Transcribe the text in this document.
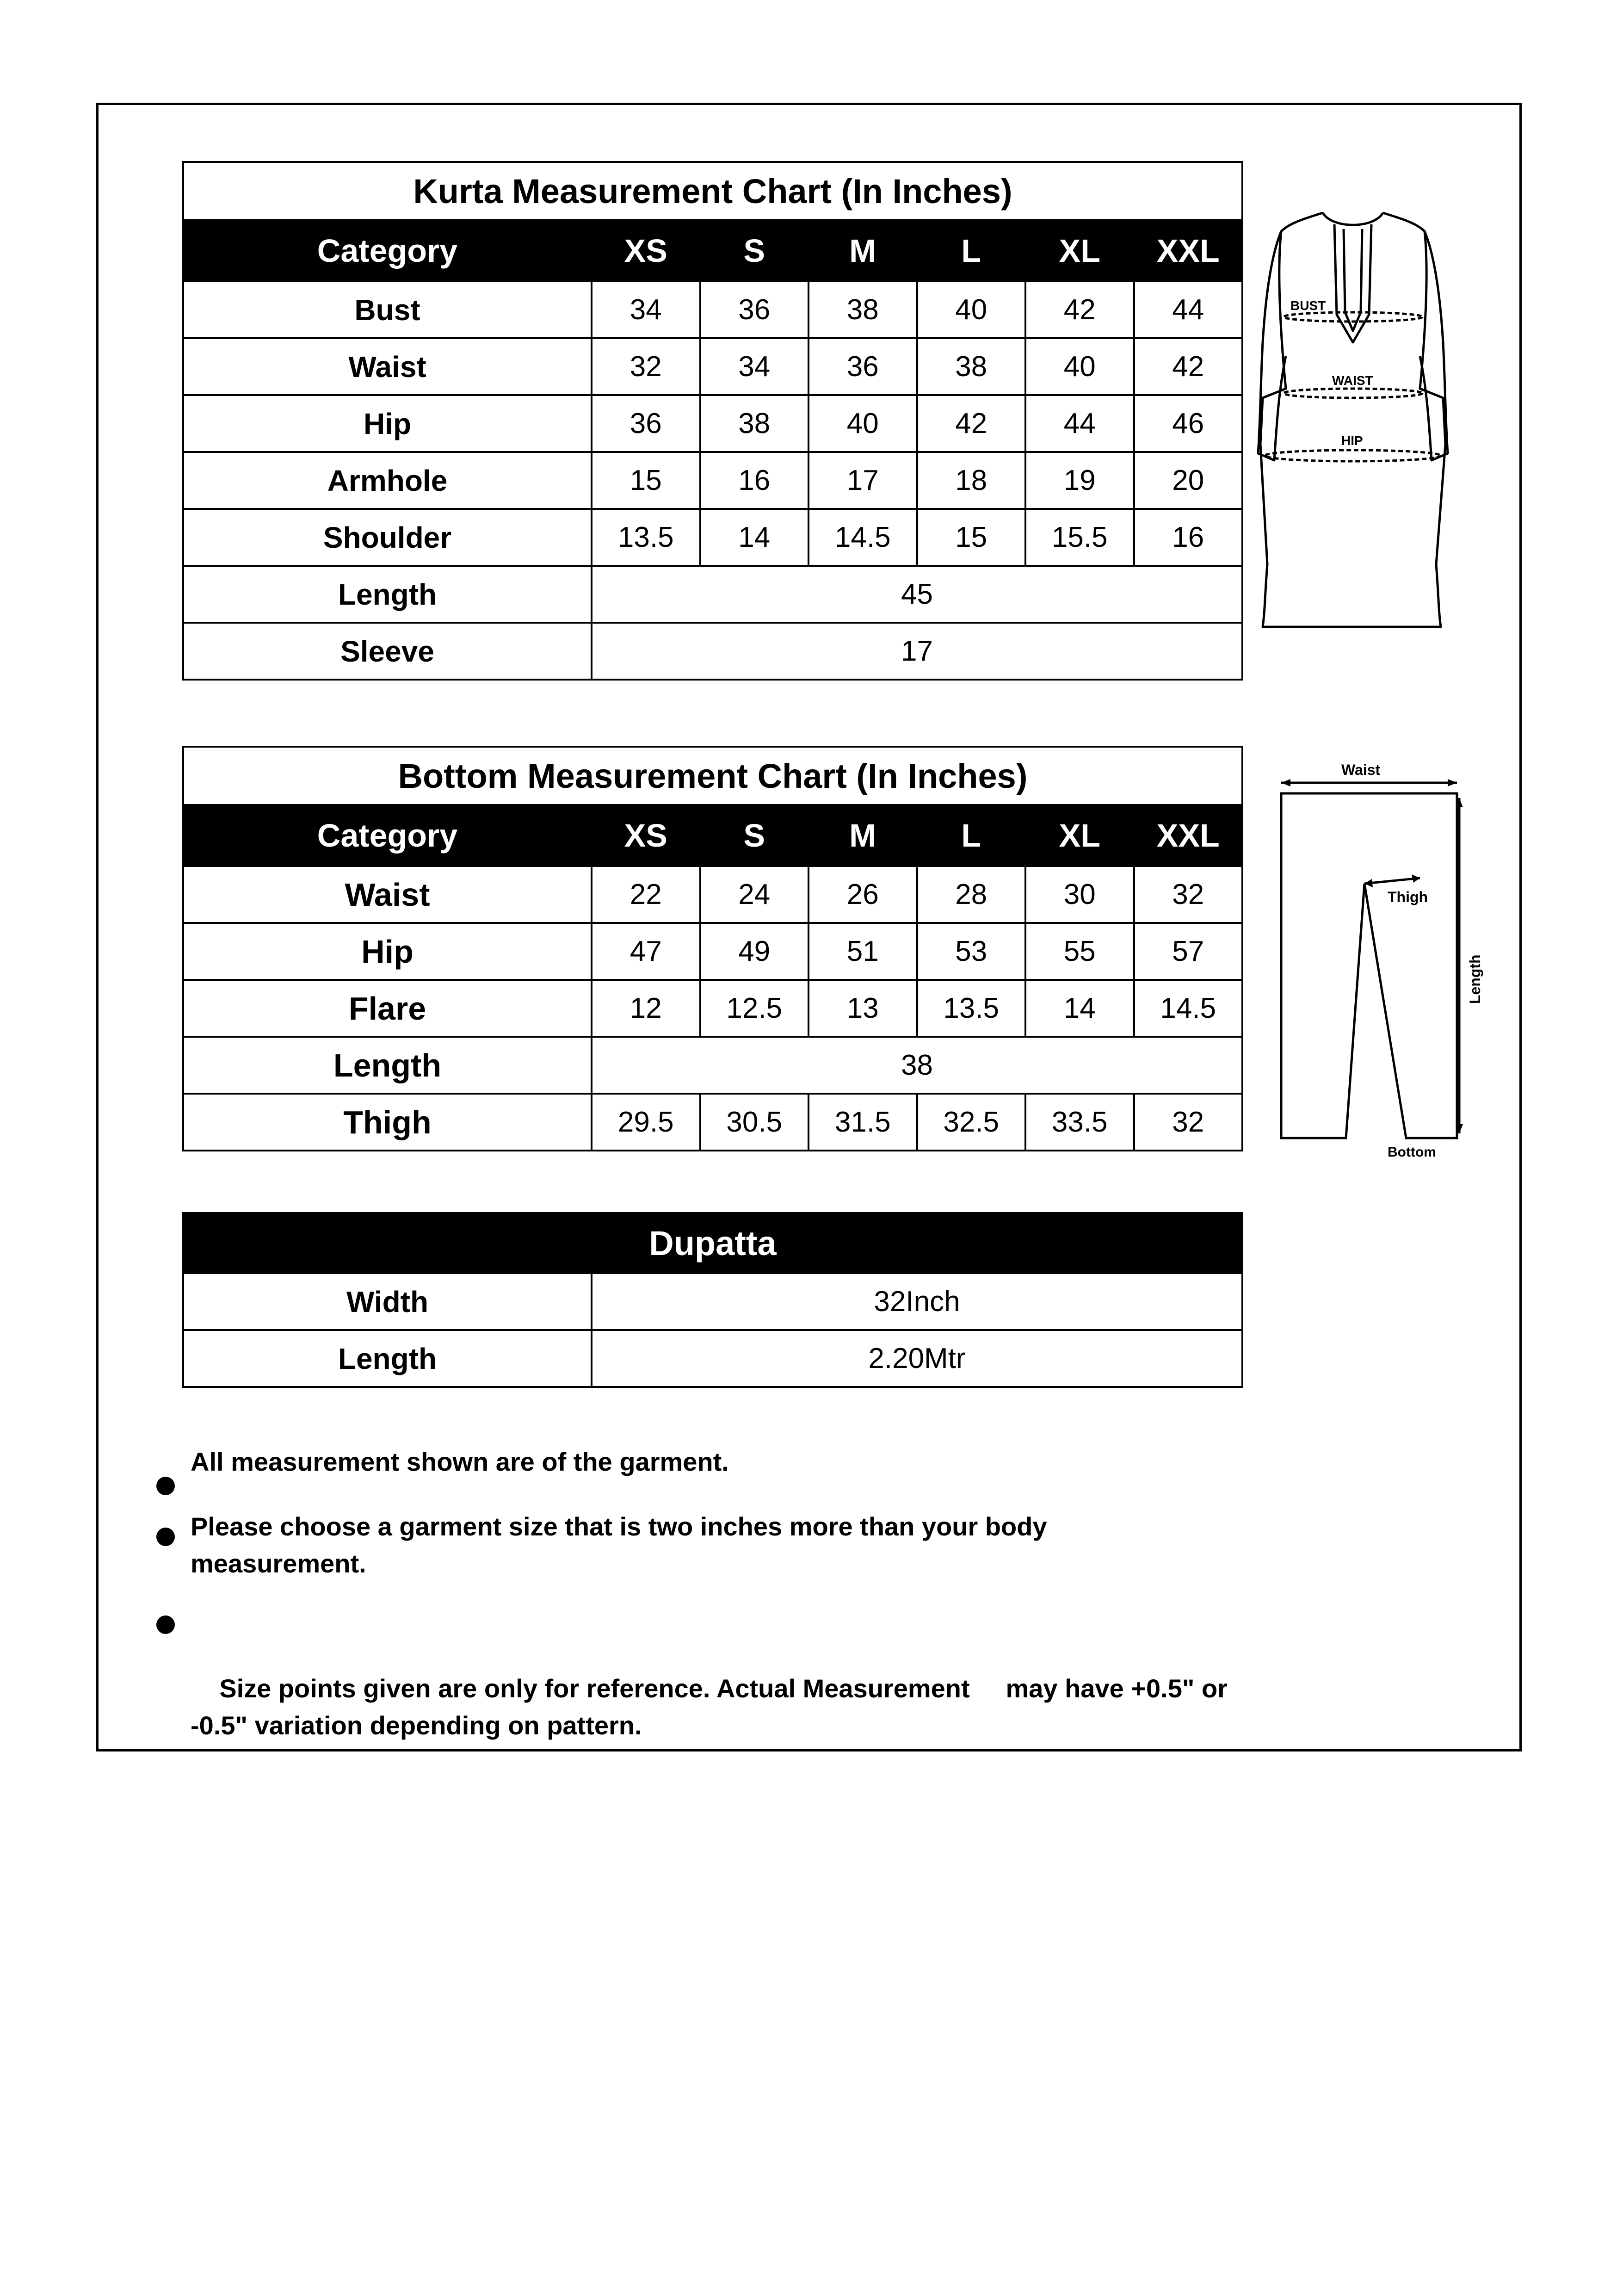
Kurta Measurement Chart (In Inches)						
Category	XS	S	M	L	XL	XXL
Bust	34	36	38	40	42	44
Waist	32	34	36	38	40	42
Hip	36	38	40	42	44	46
Armhole	15	16	17	18	19	20
Shoulder	13.5	14	14.5	15	15.5	16
Length	45					
Sleeve	17					
BUST
WAIST
HIP
Bottom Measurement Chart (In Inches)						
Category	XS	S	M	L	XL	XXL
Waist	22	24	26	28	30	32
Hip	47	49	51	53	55	57
Flare	12	12.5	13	13.5	14	14.5
Length	38					
Thigh	29.5	30.5	31.5	32.5	33.5	32
Waist
Thigh
Bottom
Length
Dupatta	
Width	32Inch
Length	2.20Mtr
All measurement shown are of the garment.
Please choose a garment size that is two inches more than your body measurement.

Size points given are only for reference. Actual Measurement     may have +0.5" or -0.5" variation depending on pattern.
